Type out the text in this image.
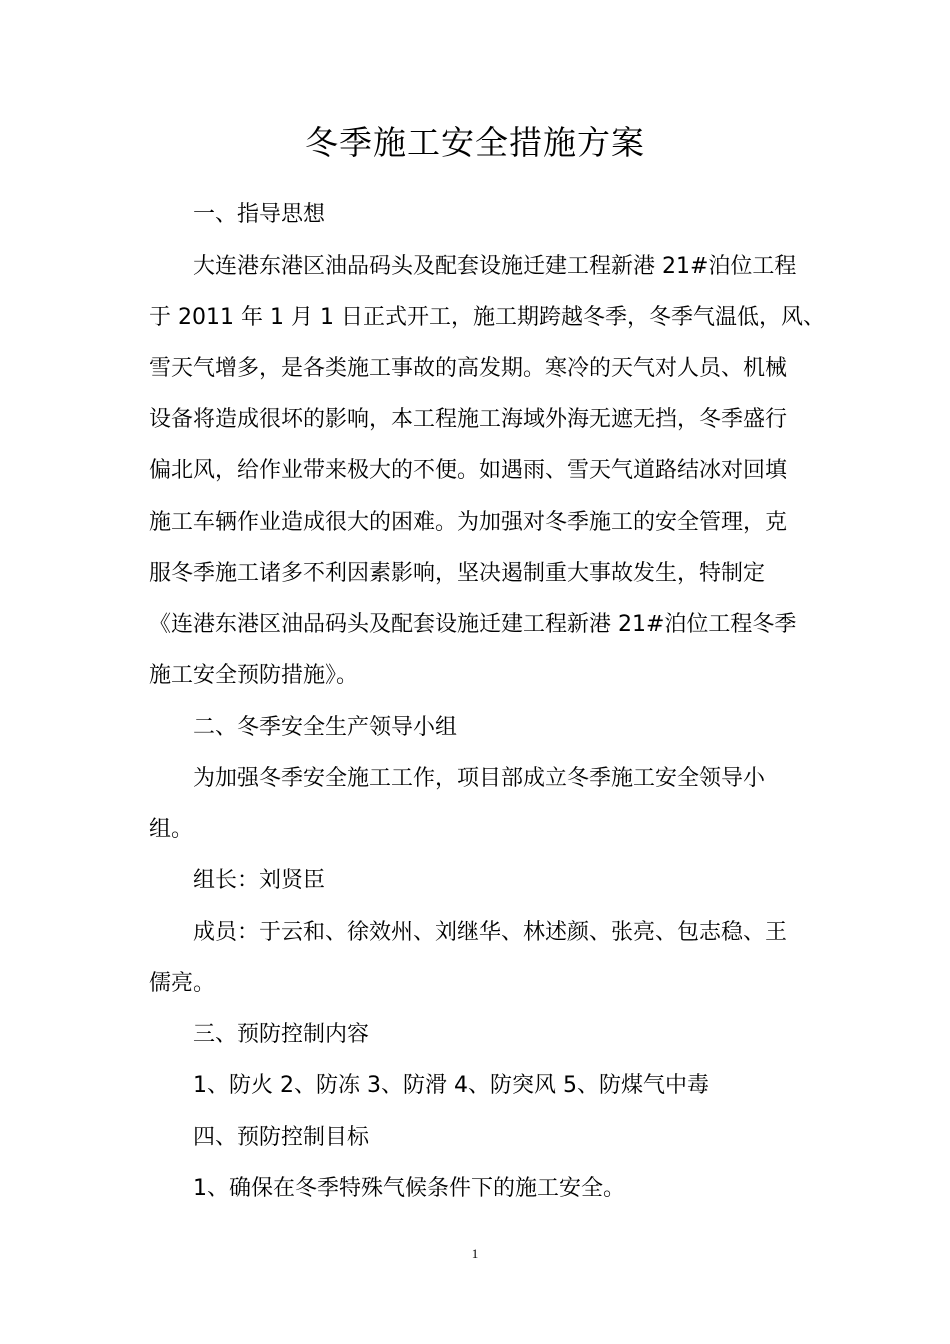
冬季施工安全措施方案

一、指导思想

大连港东港区油品码头及配套设施迁建工程新港 21#泊位工程

于 2011 年 1 月 1 日正式开工，施工期跨越冬季，冬季气温低，风、

雪天气增多，是各类施工事故的高发期。寒冷的天气对人员、机械

设备将造成很坏的影响，本工程施工海域外海无遮无挡，冬季盛行

偏北风，给作业带来极大的不便。如遇雨、雪天气道路结冰对回填

施工车辆作业造成很大的困难。为加强对冬季施工的安全管理，克

服冬季施工诸多不利因素影响，坚决遏制重大事故发生，特制定

《连港东港区油品码头及配套设施迁建工程新港 21#泊位工程冬季

施工安全预防措施》。

二、冬季安全生产领导小组

为加强冬季安全施工工作，项目部成立冬季施工安全领导小

组。

组长：刘贤臣

成员：于云和、徐效州、刘继华、林述颜、张亮、包志稳、王

儒亮。

三、预防控制内容

1、防火 2、防冻 3、防滑 4、防突风 5、防煤气中毒

四、预防控制目标

1、确保在冬季特殊气候条件下的施工安全。

1
